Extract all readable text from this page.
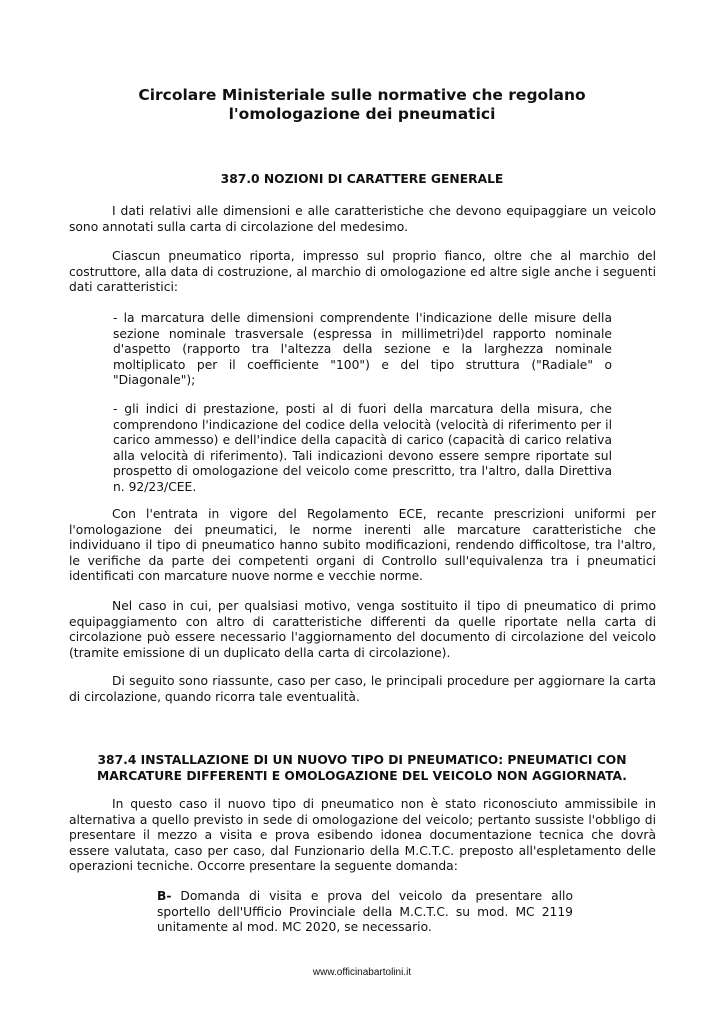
Circolare Ministeriale sulle normative che regolano
l'omologazione dei pneumatici
387.0 NOZIONI DI CARATTERE GENERALE
I dati relativi alle dimensioni e alle caratteristiche che devono equipaggiare un veicolo sono annotati sulla carta di circolazione del medesimo.
Ciascun pneumatico riporta, impresso sul proprio fianco, oltre che al marchio del costruttore, alla data di costruzione, al marchio di omologazione ed altre sigle anche i seguenti dati caratteristici:
- la marcatura delle dimensioni comprendente l'indicazione delle misure della sezione nominale trasversale (espressa in millimetri)del rapporto nominale d'aspetto (rapporto tra l'altezza della sezione e la larghezza nominale moltiplicato per il coefficiente "100") e del tipo struttura ("Radiale" o "Diagonale");
- gli indici di prestazione, posti al di fuori della marcatura della misura, che comprendono l'indicazione del codice della velocità (velocità di riferimento per il carico ammesso) e dell'indice della capacità di carico (capacità di carico relativa alla velocità di riferimento). Tali indicazioni devono essere sempre riportate sul prospetto di omologazione del veicolo come prescritto, tra l'altro, dalla Direttiva n. 92/23/CEE.
Con l'entrata in vigore del Regolamento ECE, recante prescrizioni uniformi per l'omologazione dei pneumatici, le norme inerenti alle marcature caratteristiche che individuano il tipo di pneumatico hanno subito modificazioni, rendendo difficoltose, tra l'altro, le verifiche da parte dei competenti organi di Controllo sull'equivalenza tra i pneumatici identificati con marcature nuove norme e vecchie norme.
Nel caso in cui, per qualsiasi motivo, venga sostituito il tipo di pneumatico di primo equipaggiamento con altro di caratteristiche differenti da quelle riportate nella carta di circolazione può essere necessario l'aggiornamento del documento di circolazione del veicolo (tramite emissione di un duplicato della carta di circolazione).
Di seguito sono riassunte, caso per caso, le principali procedure per aggiornare la carta di circolazione, quando ricorra tale eventualità.
387.4 INSTALLAZIONE DI UN NUOVO TIPO DI PNEUMATICO: PNEUMATICI CON
MARCATURE DIFFERENTI E OMOLOGAZIONE DEL VEICOLO NON AGGIORNATA.
In questo caso il nuovo tipo di pneumatico non è stato riconosciuto ammissibile in alternativa a quello previsto in sede di omologazione del veicolo; pertanto sussiste l'obbligo di presentare il mezzo a visita e prova esibendo idonea documentazione tecnica che dovrà essere valutata, caso per caso, dal Funzionario della M.C.T.C. preposto all'espletamento delle operazioni tecniche. Occorre presentare la seguente domanda:
B- Domanda di visita e prova del veicolo da presentare allo sportello dell'Ufficio Provinciale della M.C.T.C. su mod. MC 2119 unitamente al mod. MC 2020, se necessario.
www.officinabartolini.it
